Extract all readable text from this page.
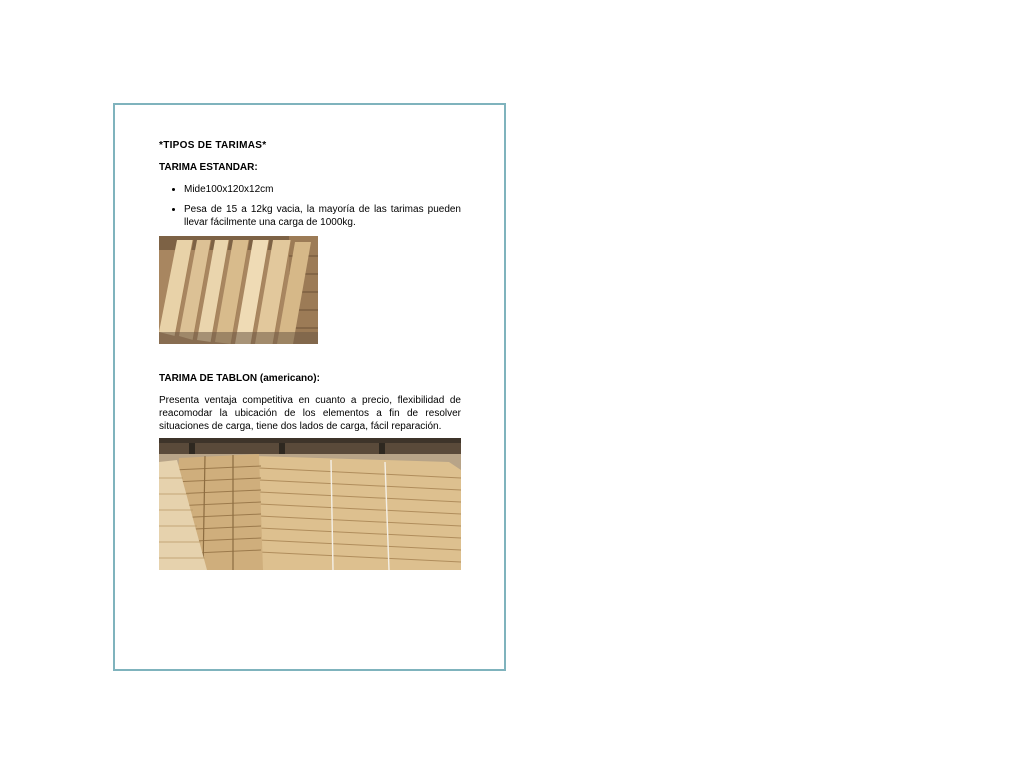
*TIPOS DE TARIMAS*

TARIMA ESTANDAR:

Mide100x120x12cm
Pesa de 15 a 12kg vacia, la mayoría de las tarimas pueden llevar fácilmente una carga de 1000kg.

TARIMA DE TABLON (americano):

Presenta ventaja competitiva en cuanto a precio, flexibilidad de reacomodar la ubicación de los elementos a fin de resolver situaciones de carga, tiene dos lados de carga, fácil reparación.
